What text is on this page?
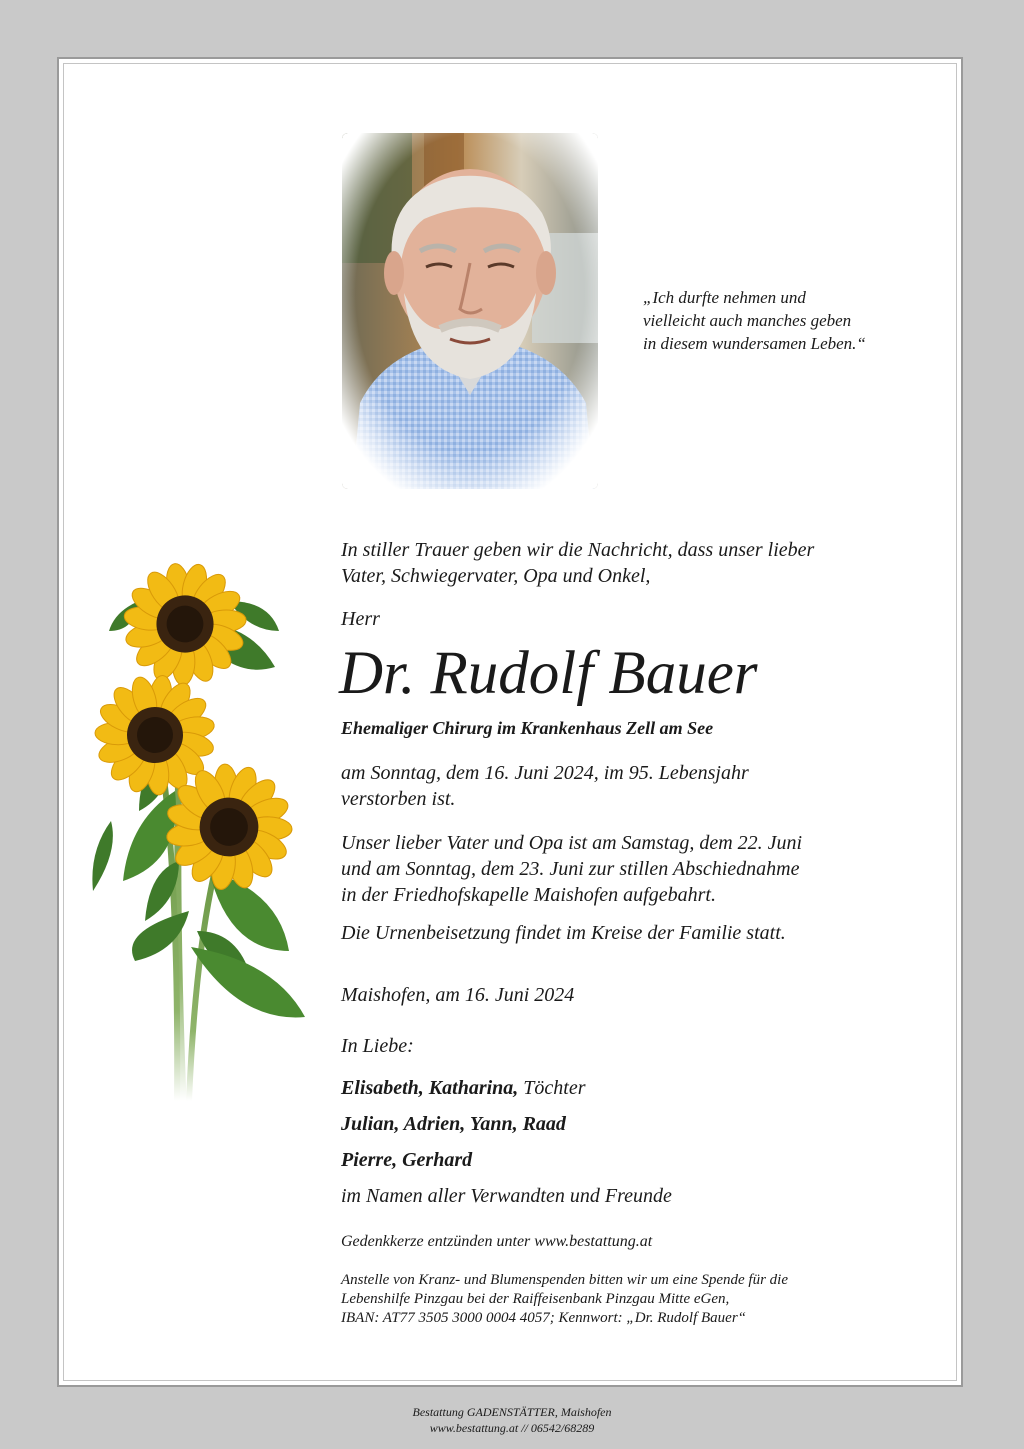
„Ich durfte nehmen und
vielleicht auch manches geben
in diesem wundersamen Leben.“

In stiller Trauer geben wir die Nachricht, dass unser lieber
Vater, Schwiegervater, Opa und Onkel,

Herr

Dr. Rudolf Bauer

Ehemaliger Chirurg im Krankenhaus Zell am See

am Sonntag, dem 16. Juni 2024, im 95. Lebensjahr
verstorben ist.

Unser lieber Vater und Opa ist am Samstag, dem 22. Juni
und am Sonntag, dem 23. Juni zur stillen Abschiednahme
in der Friedhofskapelle Maishofen aufgebahrt.

Die Urnenbeisetzung findet im Kreise der Familie statt.

Maishofen, am 16. Juni 2024

In Liebe:

Elisabeth, Katharina, Töchter

Julian, Adrien, Yann, Raad

Pierre, Gerhard

im Namen aller Verwandten und Freunde

Gedenkkerze entzünden unter www.bestattung.at

Anstelle von Kranz- und Blumenspenden bitten wir um eine Spende für die
Lebenshilfe Pinzgau bei der Raiffeisenbank Pinzgau Mitte eGen,
IBAN: AT77 3505 3000 0004 4057; Kennwort: „Dr. Rudolf Bauer“

Bestattung GADENSTÄTTER, Maishofen
www.bestattung.at // 06542/68289
